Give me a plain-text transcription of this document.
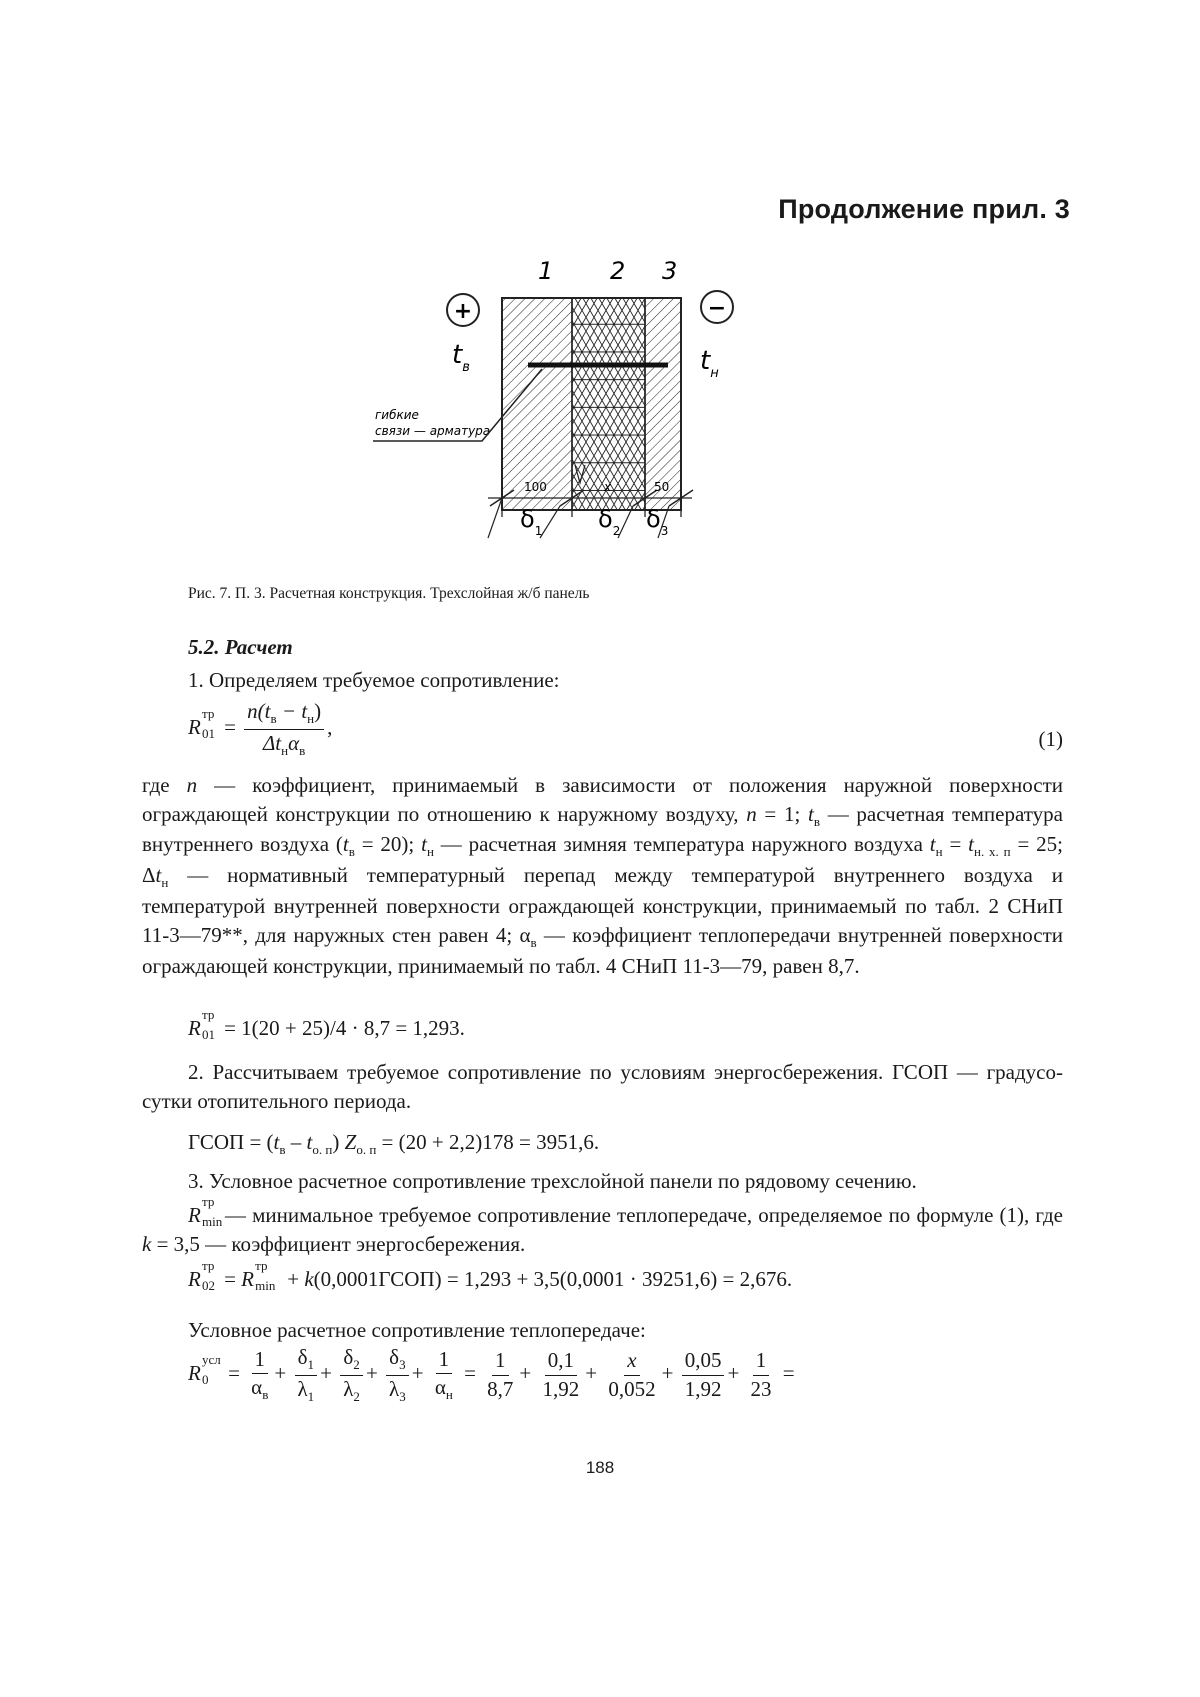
Продолжение прил. 3
1 2 3
+	−
$t_в$	$t_н$
гибкие
связи — арматура
100	x	50
$\delta_1$ $\delta_2$ $\delta_3$
Рис. 7. П. 3. Расчетная конструкция. Трехслойная ж/б панель
5.2. Расчет
1. Определяем требуемое сопротивление:
R
тр
$01 = \frac{n(t_в - t_н)}{\Delta t_н\alpha_в}$ ,
(1)
где n — коэффициент, принимаемый в зависимости от положения наружной поверхности ограждающей конструкции по отношению к наружному воздуху, n = 1; $t_в$ — расчетная температура внутреннего воздуха $(t_в = 20)$; $t_н$ — расчетная зимняя температура наружного воздуха $t_н = t_{н. х. п} = 25$; $\Delta t_н$ — нормативный температурный перепад между температурой внутреннего воздуха и температурой внутренней поверхности ограждающей конструкции, принимаемый по табл. 2 СНиП 11-3—79**, для наружных стен равен 4; $\alpha_в$ — коэффициент теплопередачи внутренней поверхности ограждающей конструкции, принимаемый по табл. 4 СНиП 11-3—79, равен 8,7.
R
тр
01 = 1(20 + 25)/4 · 8,7 = 1,293.
2. Рассчитываем требуемое сопротивление по условиям энергосбережения. ГСОП — градусо-сутки отопительного периода.
ГСОП = $(t_в - t_{о. п}) Z_{о. п} = (20 + 2,2)178 = 3951,6$.
3. Условное расчетное сопротивление трехслойной панели по рядовому сечению.
R
тр
min
— минимальное требуемое сопротивление теплопередаче, определяемое по формуле (1), где k = 3,5 — коэффициент энергосбережения.
R
тр
02 = R
тр
min + k(0,0001ГСОП) = 1,293 + 3,5(0,0001 · 39251,6) = 2,676.
Условное расчетное сопротивление теплопередаче:
R
усл
$0 = \frac{1}{\alpha_в} + \frac{\delta_1}{\lambda_1} + \frac{\delta_2}{\lambda_2} + \frac{\delta_3}{\lambda_3} + \frac{1}{\alpha_н} = \frac{1}{8,7} + \frac{0,1}{1,92} + \frac{x}{0,052} + \frac{0,05}{1,92} + \frac{1}{23}$ =
188
